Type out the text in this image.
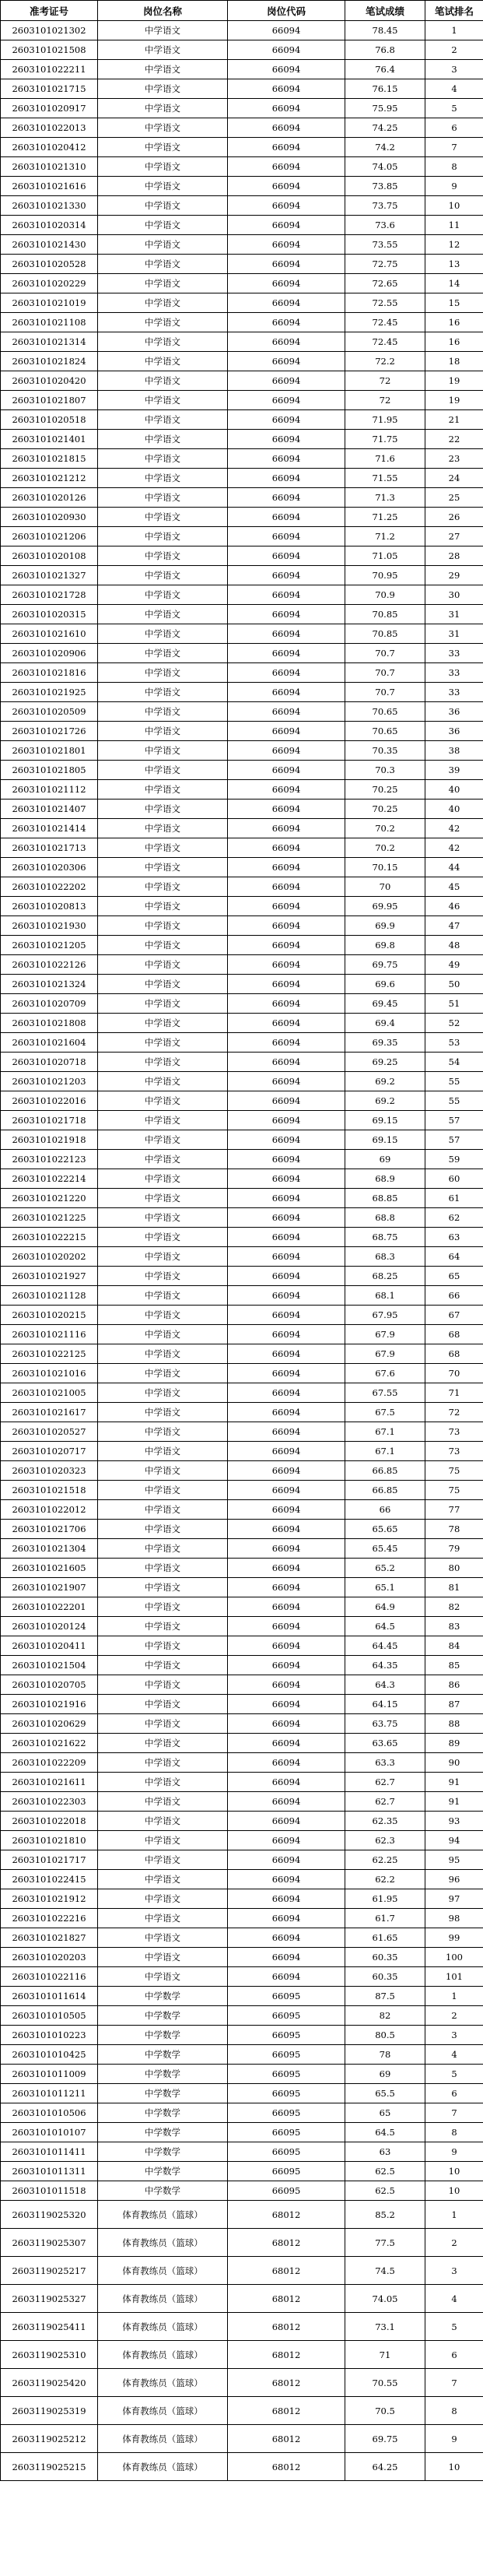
准考证号	岗位名称	岗位代码	笔试成绩	笔试排名
2603101021302	中学语文	66094	78.45	1
2603101021508	中学语文	66094	76.8	2
2603101022211	中学语文	66094	76.4	3
2603101021715	中学语文	66094	76.15	4
2603101020917	中学语文	66094	75.95	5
2603101022013	中学语文	66094	74.25	6
2603101020412	中学语文	66094	74.2	7
2603101021310	中学语文	66094	74.05	8
2603101021616	中学语文	66094	73.85	9
2603101021330	中学语文	66094	73.75	10
2603101020314	中学语文	66094	73.6	11
2603101021430	中学语文	66094	73.55	12
2603101020528	中学语文	66094	72.75	13
2603101020229	中学语文	66094	72.65	14
2603101021019	中学语文	66094	72.55	15
2603101021108	中学语文	66094	72.45	16
2603101021314	中学语文	66094	72.45	16
2603101021824	中学语文	66094	72.2	18
2603101020420	中学语文	66094	72	19
2603101021807	中学语文	66094	72	19
2603101020518	中学语文	66094	71.95	21
2603101021401	中学语文	66094	71.75	22
2603101021815	中学语文	66094	71.6	23
2603101021212	中学语文	66094	71.55	24
2603101020126	中学语文	66094	71.3	25
2603101020930	中学语文	66094	71.25	26
2603101021206	中学语文	66094	71.2	27
2603101020108	中学语文	66094	71.05	28
2603101021327	中学语文	66094	70.95	29
2603101021728	中学语文	66094	70.9	30
2603101020315	中学语文	66094	70.85	31
2603101021610	中学语文	66094	70.85	31
2603101020906	中学语文	66094	70.7	33
2603101021816	中学语文	66094	70.7	33
2603101021925	中学语文	66094	70.7	33
2603101020509	中学语文	66094	70.65	36
2603101021726	中学语文	66094	70.65	36
2603101021801	中学语文	66094	70.35	38
2603101021805	中学语文	66094	70.3	39
2603101021112	中学语文	66094	70.25	40
2603101021407	中学语文	66094	70.25	40
2603101021414	中学语文	66094	70.2	42
2603101021713	中学语文	66094	70.2	42
2603101020306	中学语文	66094	70.15	44
2603101022202	中学语文	66094	70	45
2603101020813	中学语文	66094	69.95	46
2603101021930	中学语文	66094	69.9	47
2603101021205	中学语文	66094	69.8	48
2603101022126	中学语文	66094	69.75	49
2603101021324	中学语文	66094	69.6	50
2603101020709	中学语文	66094	69.45	51
2603101021808	中学语文	66094	69.4	52
2603101021604	中学语文	66094	69.35	53
2603101020718	中学语文	66094	69.25	54
2603101021203	中学语文	66094	69.2	55
2603101022016	中学语文	66094	69.2	55
2603101021718	中学语文	66094	69.15	57
2603101021918	中学语文	66094	69.15	57
2603101022123	中学语文	66094	69	59
2603101022214	中学语文	66094	68.9	60
2603101021220	中学语文	66094	68.85	61
2603101021225	中学语文	66094	68.8	62
2603101022215	中学语文	66094	68.75	63
2603101020202	中学语文	66094	68.3	64
2603101021927	中学语文	66094	68.25	65
2603101021128	中学语文	66094	68.1	66
2603101020215	中学语文	66094	67.95	67
2603101021116	中学语文	66094	67.9	68
2603101022125	中学语文	66094	67.9	68
2603101021016	中学语文	66094	67.6	70
2603101021005	中学语文	66094	67.55	71
2603101021617	中学语文	66094	67.5	72
2603101020527	中学语文	66094	67.1	73
2603101020717	中学语文	66094	67.1	73
2603101020323	中学语文	66094	66.85	75
2603101021518	中学语文	66094	66.85	75
2603101022012	中学语文	66094	66	77
2603101021706	中学语文	66094	65.65	78
2603101021304	中学语文	66094	65.45	79
2603101021605	中学语文	66094	65.2	80
2603101021907	中学语文	66094	65.1	81
2603101022201	中学语文	66094	64.9	82
2603101020124	中学语文	66094	64.5	83
2603101020411	中学语文	66094	64.45	84
2603101021504	中学语文	66094	64.35	85
2603101020705	中学语文	66094	64.3	86
2603101021916	中学语文	66094	64.15	87
2603101020629	中学语文	66094	63.75	88
2603101021622	中学语文	66094	63.65	89
2603101022209	中学语文	66094	63.3	90
2603101021611	中学语文	66094	62.7	91
2603101022303	中学语文	66094	62.7	91
2603101022018	中学语文	66094	62.35	93
2603101021810	中学语文	66094	62.3	94
2603101021717	中学语文	66094	62.25	95
2603101022415	中学语文	66094	62.2	96
2603101021912	中学语文	66094	61.95	97
2603101022216	中学语文	66094	61.7	98
2603101021827	中学语文	66094	61.65	99
2603101020203	中学语文	66094	60.35	100
2603101022116	中学语文	66094	60.35	101
2603101011614	中学数学	66095	87.5	1
2603101010505	中学数学	66095	82	2
2603101010223	中学数学	66095	80.5	3
2603101010425	中学数学	66095	78	4
2603101011009	中学数学	66095	69	5
2603101011211	中学数学	66095	65.5	6
2603101010506	中学数学	66095	65	7
2603101010107	中学数学	66095	64.5	8
2603101011411	中学数学	66095	63	9
2603101011311	中学数学	66095	62.5	10
2603101011518	中学数学	66095	62.5	10
2603119025320	体育教练员（篮球）	68012	85.2	1
2603119025307	体育教练员（篮球）	68012	77.5	2
2603119025217	体育教练员（篮球）	68012	74.5	3
2603119025327	体育教练员（篮球）	68012	74.05	4
2603119025411	体育教练员（篮球）	68012	73.1	5
2603119025310	体育教练员（篮球）	68012	71	6
2603119025420	体育教练员（篮球）	68012	70.55	7
2603119025319	体育教练员（篮球）	68012	70.5	8
2603119025212	体育教练员（篮球）	68012	69.75	9
2603119025215	体育教练员（篮球）	68012	64.25	10
